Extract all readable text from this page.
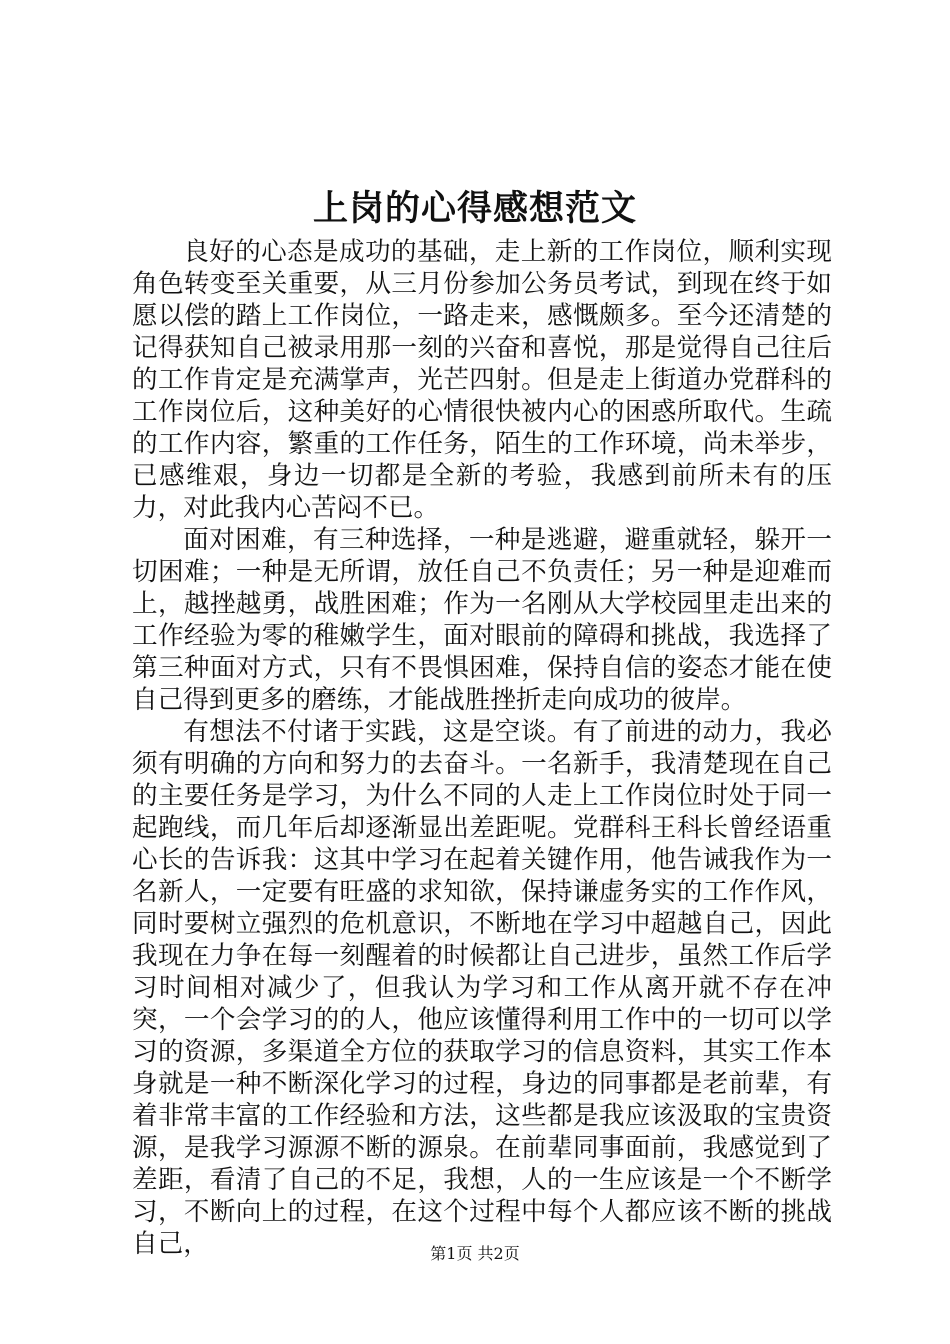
上岗的心得感想范文

良好的心态是成功的基础，走上新的工作岗位，顺利实现角色转变至关重要，从三月份参加公务员考试，到现在终于如愿以偿的踏上工作岗位，一路走来，感慨颇多。至今还清楚的记得获知自己被录用那一刻的兴奋和喜悦，那是觉得自己往后的工作肯定是充满掌声，光芒四射。但是走上街道办党群科的工作岗位后，这种美好的心情很快被内心的困惑所取代。生疏的工作内容，繁重的工作任务，陌生的工作环境，尚未举步，已感维艰，身边一切都是全新的考验，我感到前所未有的压力，对此我内心苦闷不已。

面对困难，有三种选择，一种是逃避，避重就轻，躲开一切困难；一种是无所谓，放任自己不负责任；另一种是迎难而上，越挫越勇，战胜困难；作为一名刚从大学校园里走出来的工作经验为零的稚嫩学生，面对眼前的障碍和挑战，我选择了第三种面对方式，只有不畏惧困难，保持自信的姿态才能在使自己得到更多的磨练，才能战胜挫折走向成功的彼岸。

有想法不付诸于实践，这是空谈。有了前进的动力，我必须有明确的方向和努力的去奋斗。一名新手，我清楚现在自己的主要任务是学习，为什么不同的人走上工作岗位时处于同一起跑线，而几年后却逐渐显出差距呢。党群科王科长曾经语重心长的告诉我：这其中学习在起着关键作用，他告诫我作为一名新人，一定要有旺盛的求知欲，保持谦虚务实的工作作风，同时要树立强烈的危机意识，不断地在学习中超越自己，因此我现在力争在每一刻醒着的时候都让自己进步，虽然工作后学习时间相对减少了，但我认为学习和工作从离开就不存在冲突，一个会学习的的人，他应该懂得利用工作中的一切可以学习的资源，多渠道全方位的获取学习的信息资料，其实工作本身就是一种不断深化学习的过程，身边的同事都是老前辈，有着非常丰富的工作经验和方法，这些都是我应该汲取的宝贵资源，是我学习源源不断的源泉。在前辈同事面前，我感觉到了差距，看清了自己的不足，我想，人的一生应该是一个不断学习，不断向上的过程，在这个过程中每个人都应该不断的挑战自己，	第1页 共2页
